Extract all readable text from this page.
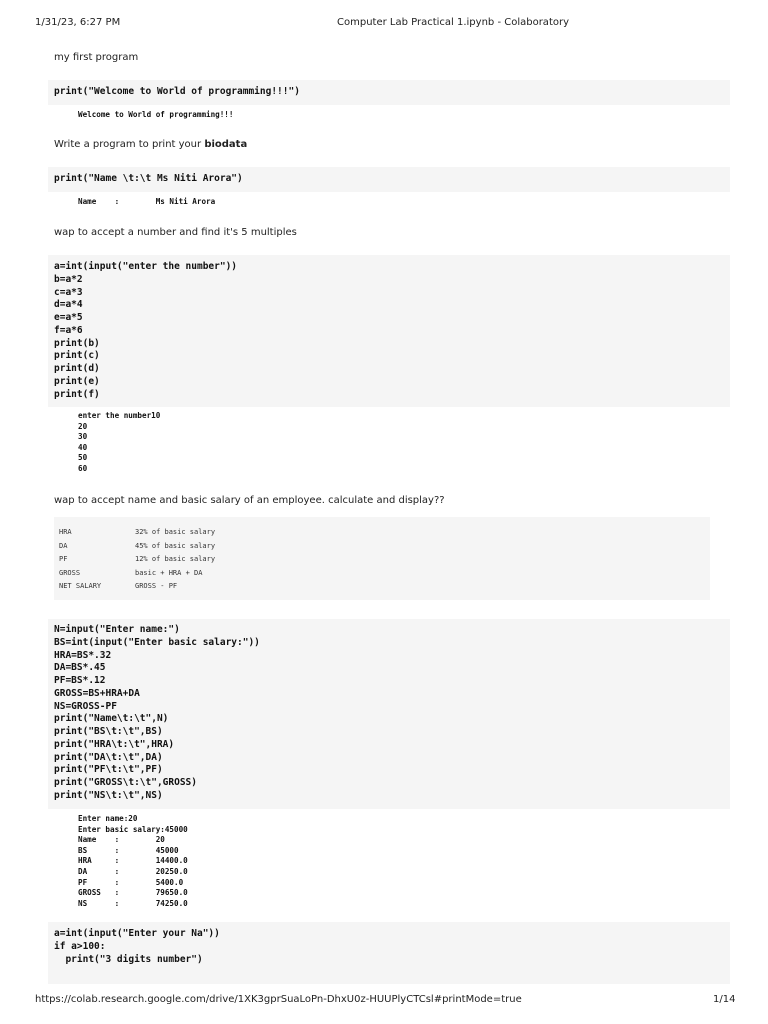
1/31/23, 6:27 PM	Computer Lab Practical 1.ipynb - Colaboratory
my first program
print("Welcome to World of programming!!!")
Welcome to World of programming!!!
Write a program to print your biodata
print("Name \t:\t Ms Niti Arora")
Name    :        Ms Niti Arora
wap to accept a number and find it's 5 multiples
a=int(input("enter the number"))
b=a*2
c=a*3
d=a*4
e=a*5
f=a*6
print(b)
print(c)
print(d)
print(e)
print(f)
enter the number10
20
30
40
50
60
wap to accept name and basic salary of an employee. calculate and display??
HRA	32% of basic salary
DA	45% of basic salary
PF	12% of basic salary
GROSS	basic + HRA + DA
NET SALARY	GROSS - PF
N=input("Enter name:")
BS=int(input("Enter basic salary:"))
HRA=BS*.32
DA=BS*.45
PF=BS*.12
GROSS=BS+HRA+DA
NS=GROSS-PF
print("Name\t:\t",N)
print("BS\t:\t",BS)
print("HRA\t:\t",HRA)
print("DA\t:\t",DA)
print("PF\t:\t",PF)
print("GROSS\t:\t",GROSS)
print("NS\t:\t",NS)
Enter name:20
Enter basic salary:45000
Name    :        20
BS      :        45000
HRA     :        14400.0
DA      :        20250.0
PF      :        5400.0
GROSS   :        79650.0
NS      :        74250.0
a=int(input("Enter your Na"))
if a>100:
print("3 digits number")
https://colab.research.google.com/drive/1XK3gprSuaLoPn-DhxU0z-HUUPlyCTCsl#printMode=true	1/14
